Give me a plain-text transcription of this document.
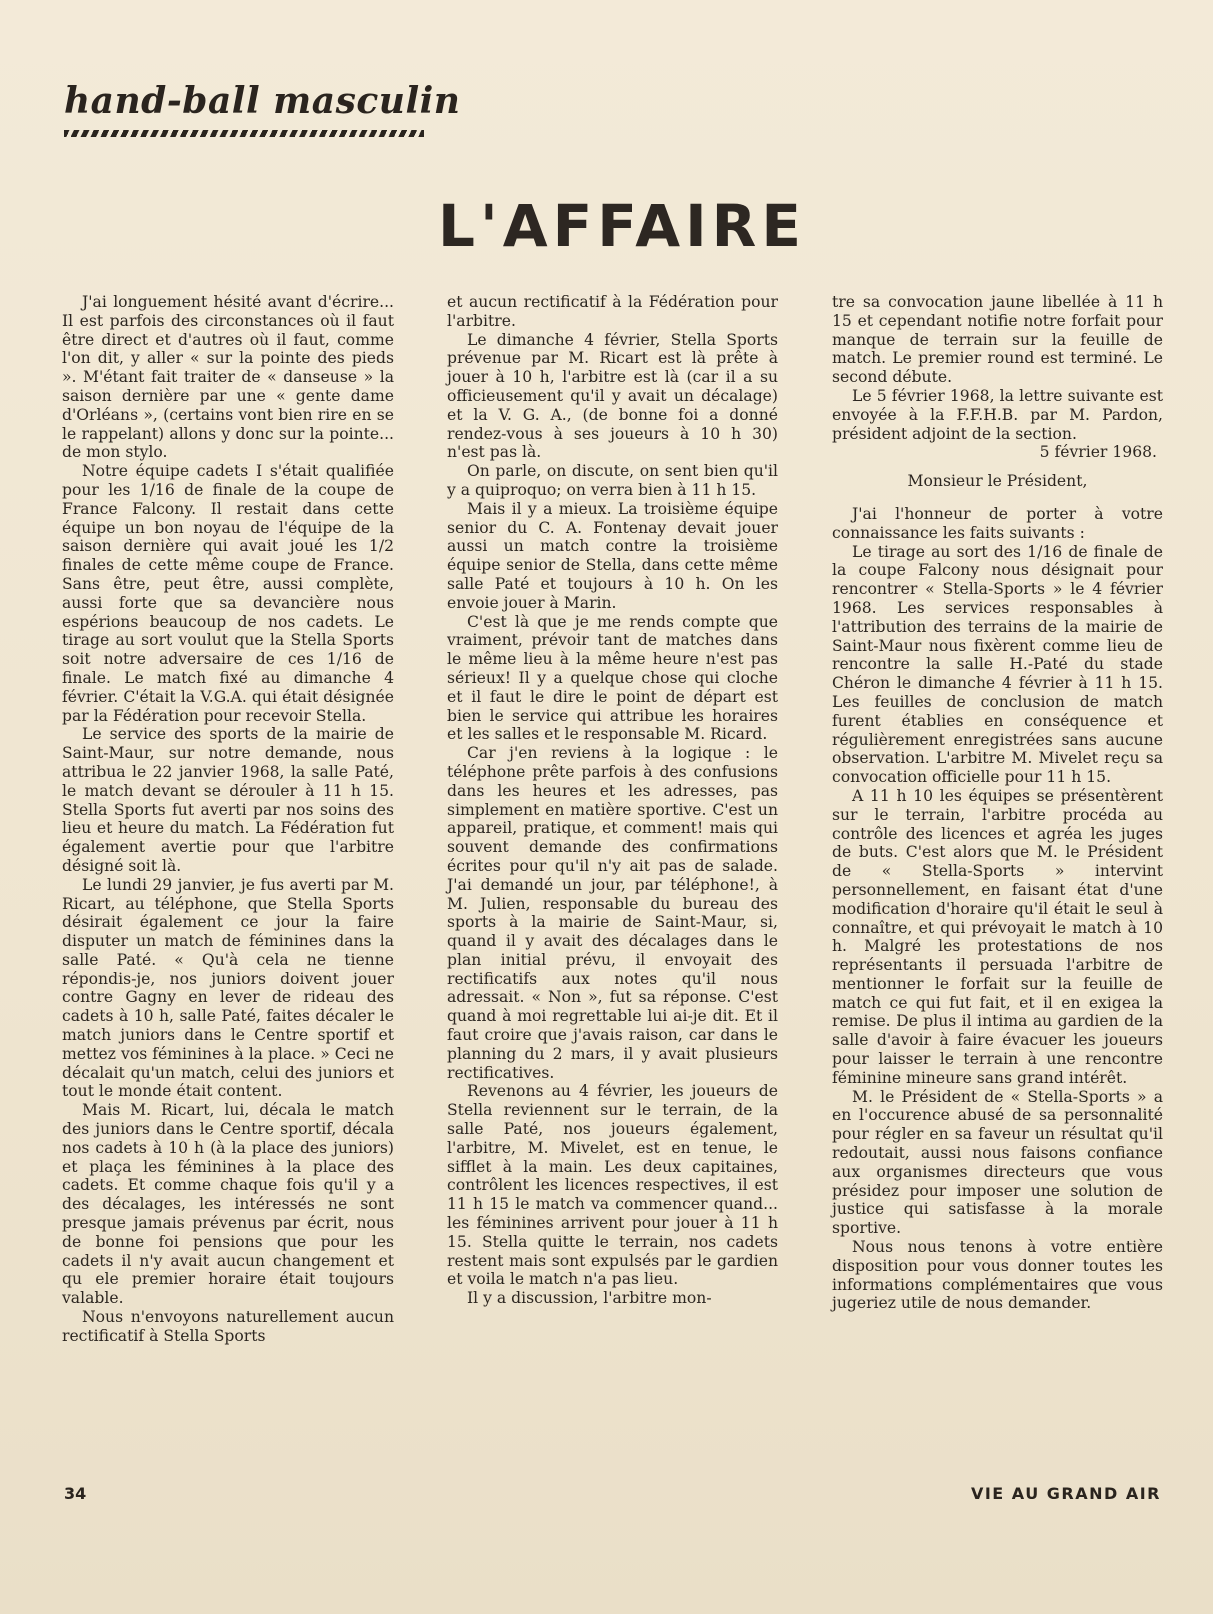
hand-ball masculin
L'AFFAIRE

J'ai longuement hésité avant d'écrire... Il est parfois des circonstances où il faut être direct et d'autres où il faut, comme l'on dit, y aller « sur la pointe des pieds ». M'étant fait traiter de « danseuse » la saison dernière par une « gente dame d'Orléans », (certains vont bien rire en se le rappelant) allons y donc sur la pointe... de mon stylo.

Notre équipe cadets I s'était qualifiée pour les 1/16 de finale de la coupe de France Falcony. Il restait dans cette équipe un bon noyau de l'équipe de la saison dernière qui avait joué les 1/2 finales de cette même coupe de France. Sans être, peut être, aussi complète, aussi forte que sa devancière nous espérions beaucoup de nos cadets. Le tirage au sort voulut que la Stella Sports soit notre adversaire de ces 1/16 de finale. Le match fixé au dimanche 4 février. C'était la V.G.A. qui était désignée par la Fédération pour recevoir Stella.

Le service des sports de la mairie de Saint-Maur, sur notre demande, nous attribua le 22 janvier 1968, la salle Paté, le match devant se dérouler à 11 h 15. Stella Sports fut averti par nos soins des lieu et heure du match. La Fédération fut également avertie pour que l'arbitre désigné soit là.

Le lundi 29 janvier, je fus averti par M. Ricart, au téléphone, que Stella Sports désirait également ce jour la faire disputer un match de féminines dans la salle Paté. « Qu'à cela ne tienne répondis-je, nos juniors doivent jouer contre Gagny en lever de rideau des cadets à 10 h, salle Paté, faites décaler le match juniors dans le Centre sportif et mettez vos féminines à la place. » Ceci ne décalait qu'un match, celui des juniors et tout le monde était content.

Mais M. Ricart, lui, décala le match des juniors dans le Centre sportif, décala nos cadets à 10 h (à la place des juniors) et plaça les féminines à la place des cadets. Et comme chaque fois qu'il y a des décalages, les intéressés ne sont presque jamais prévenus par écrit, nous de bonne foi pensions que pour les cadets il n'y avait aucun changement et qu ele premier horaire était toujours valable.

Nous n'envoyons naturellement aucun rectificatif à Stella Sports

et aucun rectificatif à la Fédération pour l'arbitre.

Le dimanche 4 février, Stella Sports prévenue par M. Ricart est là prête à jouer à 10 h, l'arbitre est là (car il a su officieusement qu'il y avait un décalage) et la V. G. A., (de bonne foi a donné rendez-vous à ses joueurs à 10 h 30) n'est pas là.

On parle, on discute, on sent bien qu'il y a quiproquo; on verra bien à 11 h 15.

Mais il y a mieux. La troisième équipe senior du C. A. Fontenay devait jouer aussi un match contre la troisième équipe senior de Stella, dans cette même salle Paté et toujours à 10 h. On les envoie jouer à Marin.

C'est là que je me rends compte que vraiment, prévoir tant de matches dans le même lieu à la même heure n'est pas sérieux! Il y a quelque chose qui cloche et il faut le dire le point de départ est bien le service qui attribue les horaires et les salles et le responsable M. Ricard.

Car j'en reviens à la logique : le téléphone prête parfois à des confusions dans les heures et les adresses, pas simplement en matière sportive. C'est un appareil, pratique, et comment! mais qui souvent demande des confirmations écrites pour qu'il n'y ait pas de salade. J'ai demandé un jour, par téléphone!, à M. Julien, responsable du bureau des sports à la mairie de Saint-Maur, si, quand il y avait des décalages dans le plan initial prévu, il envoyait des rectificatifs aux notes qu'il nous adressait. « Non », fut sa réponse. C'est quand à moi regrettable lui ai-je dit. Et il faut croire que j'avais raison, car dans le planning du 2 mars, il y avait plusieurs rectificatives.

Revenons au 4 février, les joueurs de Stella reviennent sur le terrain, de la salle Paté, nos joueurs également, l'arbitre, M. Mivelet, est en tenue, le sifflet à la main. Les deux capitaines, contrôlent les licences respectives, il est 11 h 15 le match va commencer quand... les féminines arrivent pour jouer à 11 h 15. Stella quitte le terrain, nos cadets restent mais sont expulsés par le gardien et voila le match n'a pas lieu.

Il y a discussion, l'arbitre mon-

tre sa convocation jaune libellée à 11 h 15 et cependant notifie notre forfait pour manque de terrain sur la feuille de match. Le premier round est terminé. Le second débute.

Le 5 février 1968, la lettre suivante est envoyée à la F.F.H.B. par M. Pardon, président adjoint de la section.

5 février 1968.

Monsieur le Président,

J'ai l'honneur de porter à votre connaissance les faits suivants :

Le tirage au sort des 1/16 de finale de la coupe Falcony nous désignait pour rencontrer « Stella-Sports » le 4 février 1968. Les services responsables à l'attribution des terrains de la mairie de Saint-Maur nous fixèrent comme lieu de rencontre la salle H.-Paté du stade Chéron le dimanche 4 février à 11 h 15. Les feuilles de conclusion de match furent établies en conséquence et régulièrement enregistrées sans aucune observation. L'arbitre M. Mivelet reçu sa convocation officielle pour 11 h 15.

A 11 h 10 les équipes se présentèrent sur le terrain, l'arbitre procéda au contrôle des licences et agréa les juges de buts. C'est alors que M. le Président de « Stella-Sports » intervint personnellement, en faisant état d'une modification d'horaire qu'il était le seul à connaître, et qui prévoyait le match à 10 h. Malgré les protestations de nos représentants il persuada l'arbitre de mentionner le forfait sur la feuille de match ce qui fut fait, et il en exigea la remise. De plus il intima au gardien de la salle d'avoir à faire évacuer les joueurs pour laisser le terrain à une rencontre féminine mineure sans grand intérêt.

M. le Président de « Stella-Sports » a en l'occurence abusé de sa personnalité pour régler en sa faveur un résultat qu'il redoutait, aussi nous faisons confiance aux organismes directeurs que vous présidez pour imposer une solution de justice qui satisfasse à la morale sportive.

Nous nous tenons à votre entière disposition pour vous donner toutes les informations complémentaires que vous jugeriez utile de nous demander.

34	VIE AU GRAND AIR
